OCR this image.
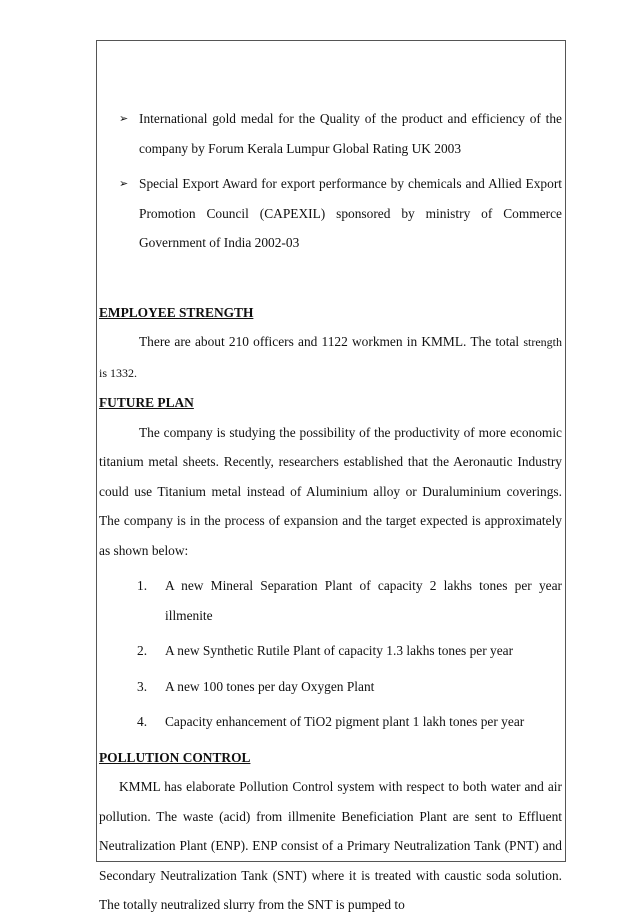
➢ International gold medal for the Quality of the product and efficiency of the company by Forum Kerala Lumpur Global Rating UK 2003
➢ Special Export Award for export performance by chemicals and Allied Export Promotion Council (CAPEXIL) sponsored by ministry of Commerce Government of India 2002-03
EMPLOYEE STRENGTH

There are about 210 officers and 1122 workmen in KMML. The total strength is 1332.

FUTURE PLAN

The company is studying the possibility of the productivity of more economic titanium metal sheets. Recently, researchers established that the Aeronautic Industry could use Titanium metal instead of Aluminium alloy or Duraluminium coverings. The company is in the process of expansion and the target expected is approximately as shown below:

1. A new Mineral Separation Plant of capacity 2 lakhs tones per year illmenite
2. A new Synthetic Rutile Plant of capacity 1.3 lakhs tones per year
3. A new 100 tones per day Oxygen Plant
4. Capacity enhancement of TiO2 pigment plant 1 lakh tones per year
POLLUTION CONTROL

KMML has elaborate Pollution Control system with respect to both water and air pollution. The waste (acid) from illmenite Beneficiation Plant are sent to Effluent Neutralization Plant (ENP). ENP consist of a Primary Neutralization Tank (PNT) and Secondary Neutralization Tank (SNT) where it is treated with caustic soda solution. The totally neutralized slurry from the SNT is pumped to
